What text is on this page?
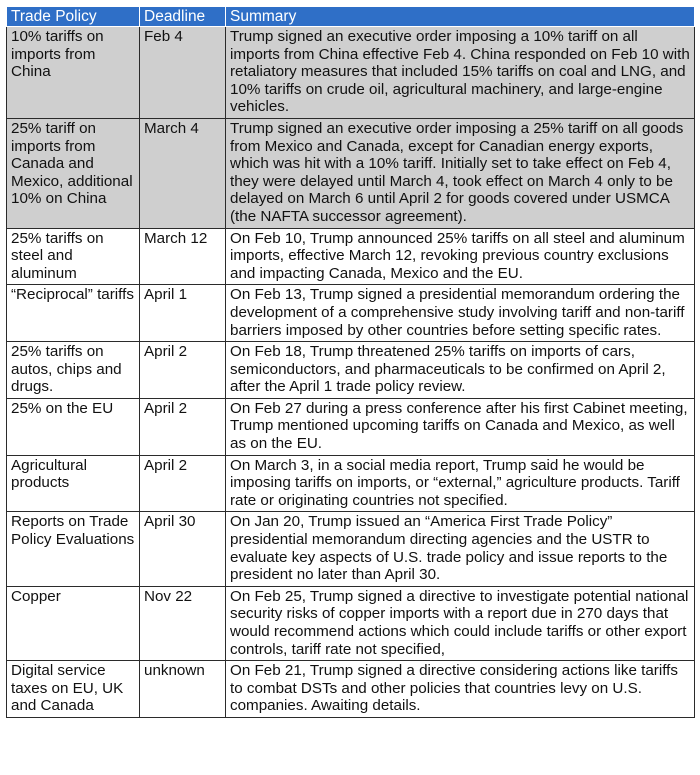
Trade Policy	Deadline	Summary
10% tariffs on imports from China	Feb 4	Trump signed an executive order imposing a 10% tariff on all imports from China effective Feb 4. China responded on Feb 10 with retaliatory measures that included 15% tariffs on coal and LNG, and 10% tariffs on crude oil, agricultural machinery, and large-engine vehicles.
25% tariff on imports from Canada and Mexico, additional 10% on China	March 4	Trump signed an executive order imposing a 25% tariff on all goods from Mexico and Canada, except for Canadian energy exports, which was hit with a 10% tariff. Initially set to take effect on Feb 4, they were delayed until March 4, took effect on March 4 only to be delayed on March 6 until April 2 for goods covered under USMCA (the NAFTA successor agreement).
25% tariffs on steel and aluminum	March 12	On Feb 10, Trump announced 25% tariffs on all steel and aluminum imports, effective March 12, revoking previous country exclusions and impacting Canada, Mexico and the EU.
“Reciprocal” tariffs	April 1	On Feb 13, Trump signed a presidential memorandum ordering the development of a comprehensive study involving tariff and non-tariff barriers imposed by other countries before setting specific rates.
25% tariffs on autos, chips and drugs.	April 2	On Feb 18, Trump threatened 25% tariffs on imports of cars, semiconductors, and pharmaceuticals to be confirmed on April 2, after the April 1 trade policy review.
25% on the EU	April 2	On Feb 27 during a press conference after his first Cabinet meeting, Trump mentioned upcoming tariffs on Canada and Mexico, as well as on the EU.
Agricultural products	April 2	On March 3, in a social media report, Trump said he would be imposing tariffs on imports, or “external,” agriculture products. Tariff rate or originating countries not specified.
Reports on Trade Policy Evaluations	April 30	On Jan 20, Trump issued an “America First Trade Policy” presidential memorandum directing agencies and the USTR to evaluate key aspects of U.S. trade policy and issue reports to the president no later than April 30.
Copper	Nov 22	On Feb 25, Trump signed a directive to investigate potential national security risks of copper imports with a report due in 270 days that would recommend actions which could include tariffs or other export controls, tariff rate not specified,
Digital service taxes on EU, UK and Canada	unknown	On Feb 21, Trump signed a directive considering actions like tariffs to combat DSTs and other policies that countries levy on U.S. companies. Awaiting details.
